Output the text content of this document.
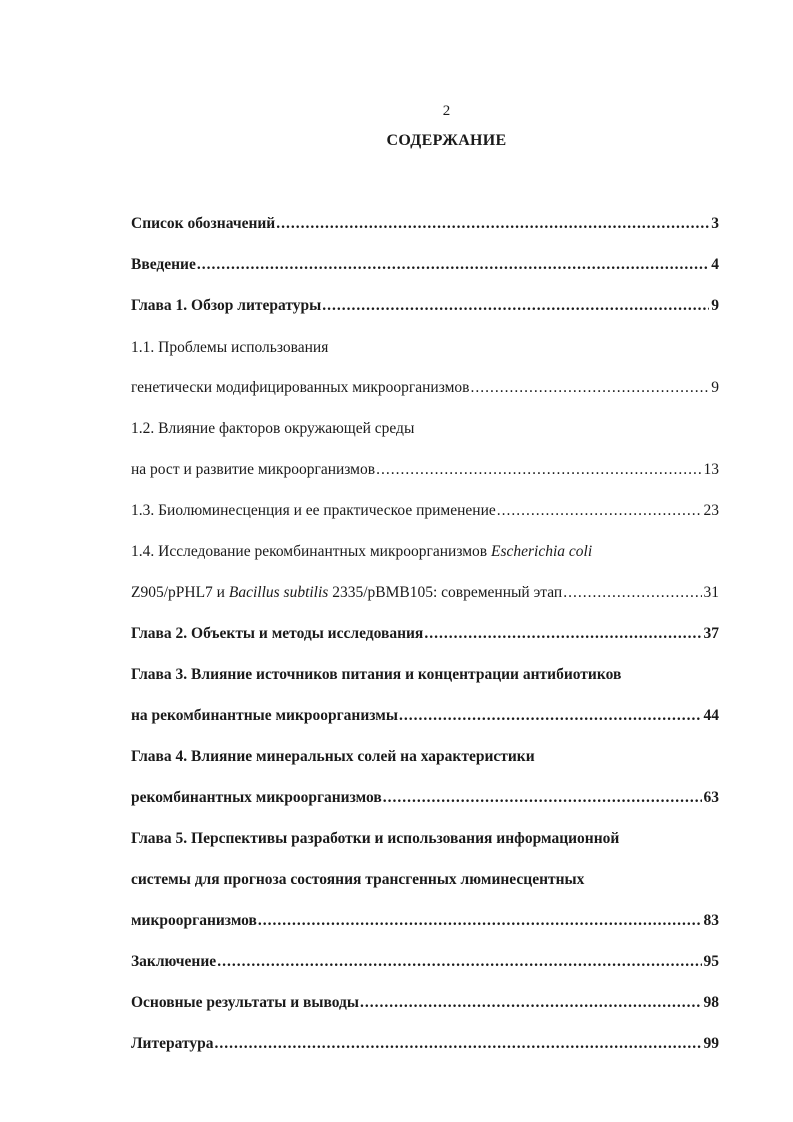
2
СОДЕРЖАНИЕ
Список обозначений .....	3
Введение .....	4
Глава 1. Обзор литературы .....	9
1.1. Проблемы использования
генетически модифицированных микроорганизмов .....	9
1.2. Влияние факторов окружающей среды
на рост и развитие микроорганизмов .....	13
1.3. Биолюминесценция и ее практическое применение .....	23
1.4. Исследование рекомбинантных микроорганизмов Escherichia coli
Z905/pPHL7 и Bacillus subtilis 2335/pBMB105: современный этап .....	31
Глава 2. Объекты и методы исследования .....	37
Глава 3. Влияние источников питания и концентрации антибиотиков
на рекомбинантные микроорганизмы .....	44
Глава 4. Влияние минеральных солей на характеристики
рекомбинантных микроорганизмов .....	63
Глава 5. Перспективы разработки и использования информационной
системы для прогноза состояния трансгенных люминесцентных
микроорганизмов .....	83
Заключение .....	95
Основные результаты и выводы .....	98
Литература .....	99
